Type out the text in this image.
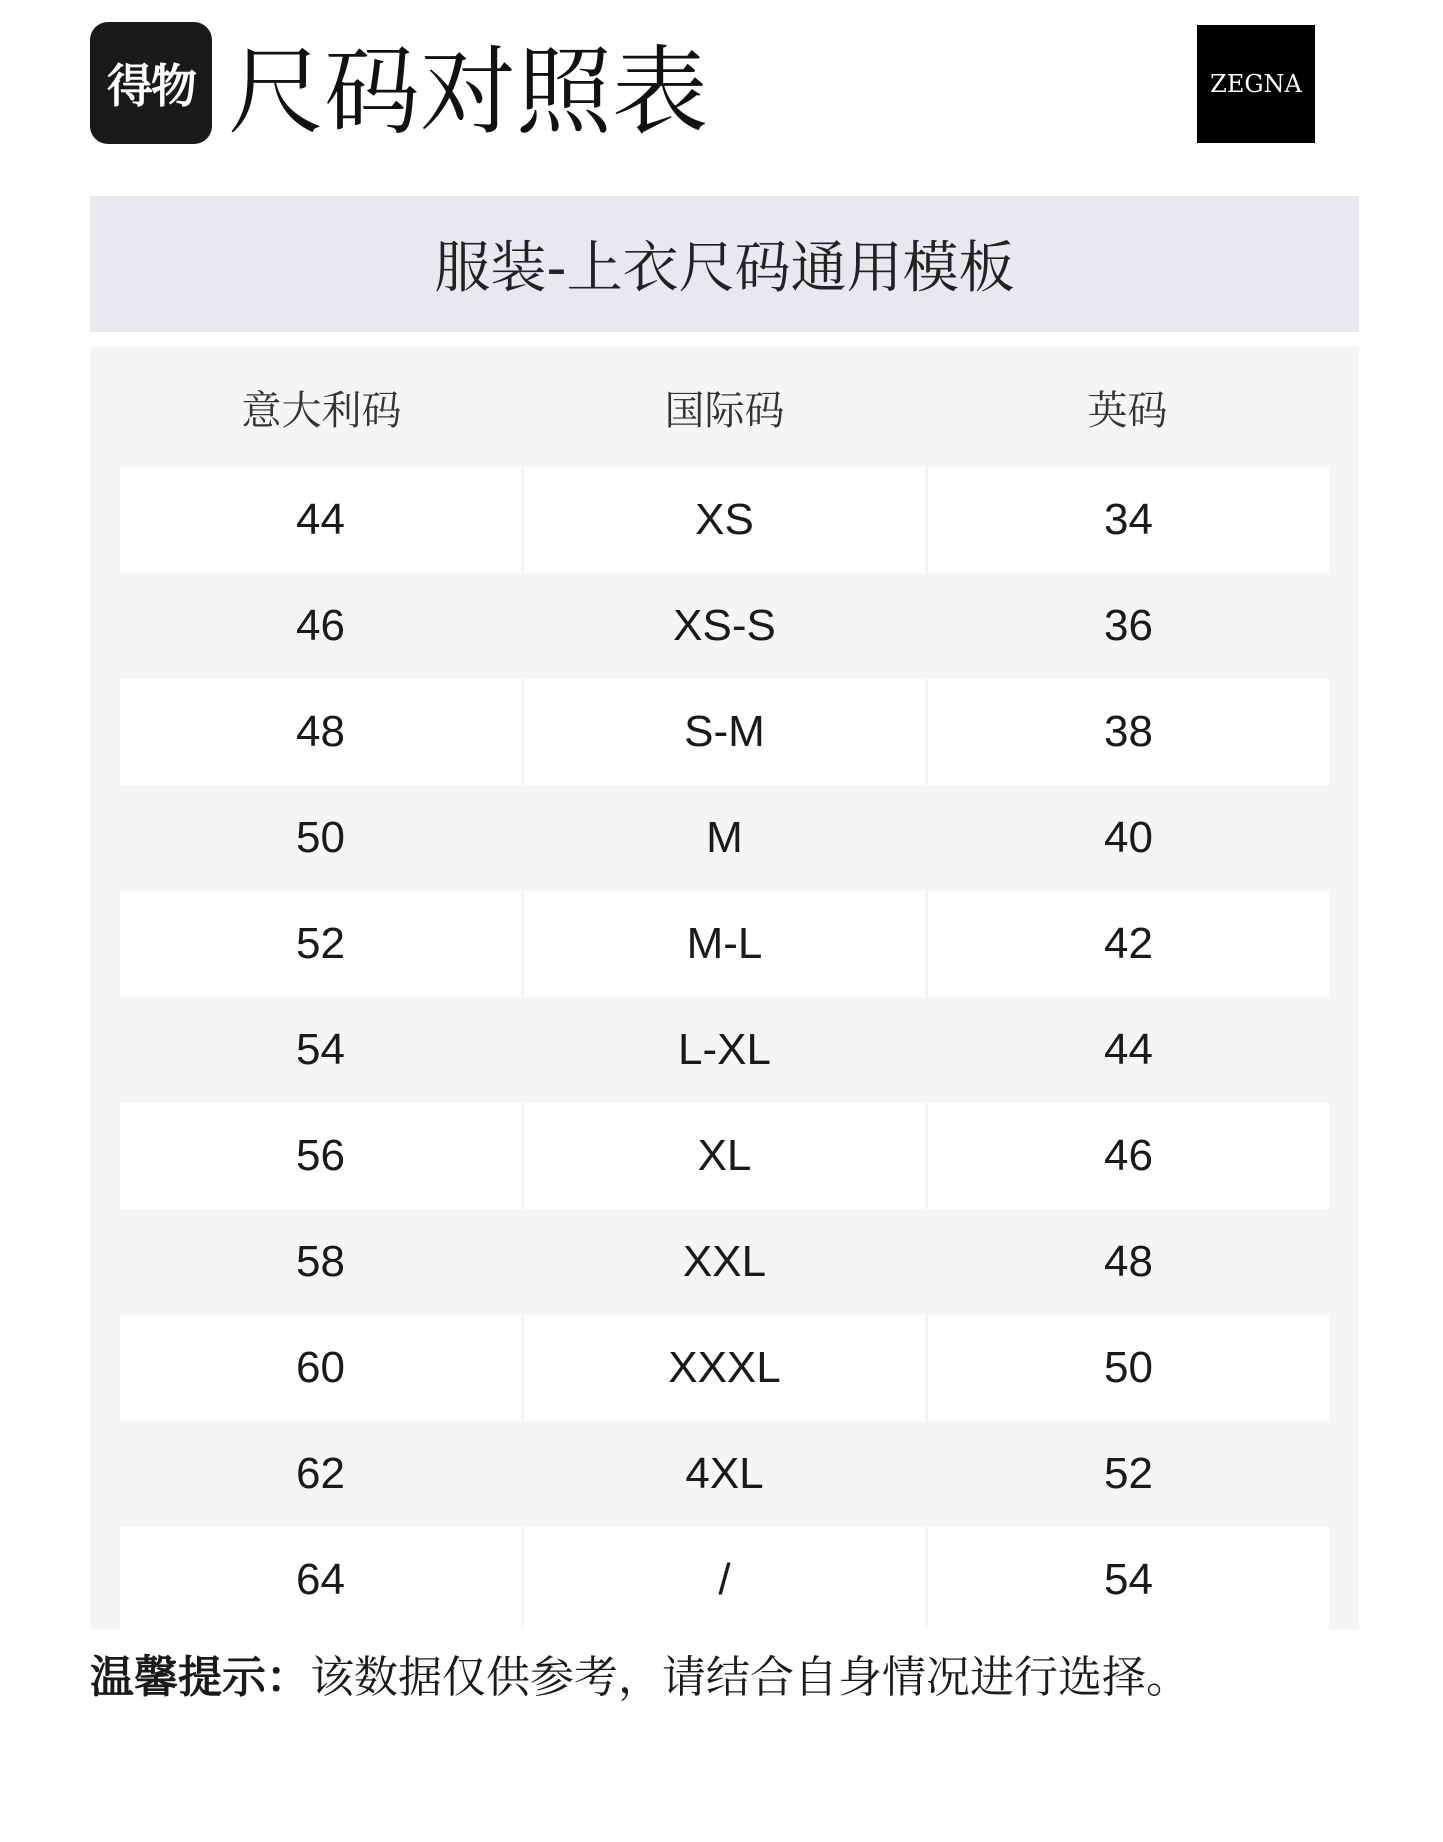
得物 尺码对照表	ZEGNA
服装-上衣尺码通用模板
意大利码	国际码	英码
44	XS	34
46	XS-S	36
48	S-M	38
50	M	40
52	M-L	42
54	L-XL	44
56	XL	46
58	XXL	48
60	XXXL	50
62	4XL	52
64	/	54
温馨提示：该数据仅供参考，请结合自身情况进行选择。
